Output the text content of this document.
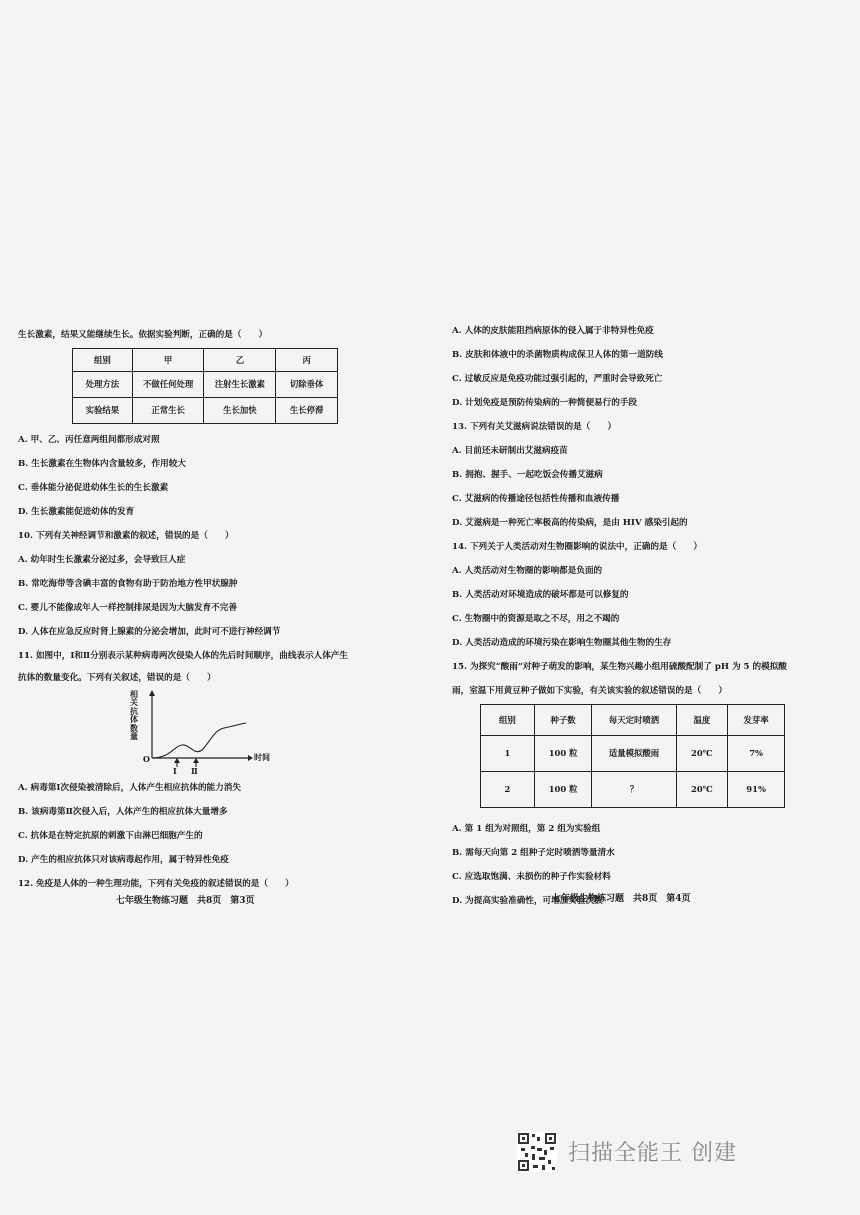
生长激素，结果又能继续生长。依据实验判断，正确的是（　　）
组别	甲	乙	丙
处理方法	不做任何处理	注射生长激素	切除垂体
实验结果	正常生长	生长加快	生长停滞
A. 甲、乙、丙任意两组间都形成对照
B. 生长激素在生物体内含量较多，作用较大
C. 垂体能分泌促进幼体生长的生长激素
D. 生长激素能促进幼体的发育
10. 下列有关神经调节和激素的叙述，错误的是（　　）
A. 幼年时生长激素分泌过多，会导致巨人症
B. 常吃海带等含碘丰富的食物有助于防治地方性甲状腺肿
C. 婴儿不能像成年人一样控制排尿是因为大脑发育不完善
D. 人体在应急反应时肾上腺素的分泌会增加，此时可不进行神经调节
11. 如图中，Ⅰ和Ⅱ分别表示某种病毒两次侵染人体的先后时间顺序，曲线表示人体产生
抗体的数量变化。下列有关叙述，错误的是（　　）
相
关
抗
体
数
量
O	时间
Ⅰ Ⅱ
A. 病毒第Ⅰ次侵染被清除后，人体产生相应抗体的能力消失
B. 该病毒第Ⅱ次侵入后，人体产生的相应抗体大量增多
C. 抗体是在特定抗原的刺激下由淋巴细胞产生的
D. 产生的相应抗体只对该病毒起作用，属于特异性免疫
12. 免疫是人体的一种生理功能，下列有关免疫的叙述错误的是（　　）
七年级生物练习题　共8页　第3页
A. 人体的皮肤能阻挡病原体的侵入属于非特异性免疫
B. 皮肤和体液中的杀菌物质构成保卫人体的第一道防线
C. 过敏反应是免疫功能过强引起的，严重时会导致死亡
D. 计划免疫是预防传染病的一种简便易行的手段
13. 下列有关艾滋病说法错误的是（　　）
A. 目前还未研制出艾滋病疫苗
B. 拥抱、握手、一起吃饭会传播艾滋病
C. 艾滋病的传播途径包括性传播和血液传播
D. 艾滋病是一种死亡率极高的传染病，是由 HIV 感染引起的
14. 下列关于人类活动对生物圈影响的说法中，正确的是（　　）
A. 人类活动对生物圈的影响都是负面的
B. 人类活动对环境造成的破坏都是可以修复的
C. 生物圈中的资源是取之不尽，用之不竭的
D. 人类活动造成的环境污染在影响生物圈其他生物的生存
15. 为探究“酸雨”对种子萌发的影响，某生物兴趣小组用硫酸配制了 pH 为 5 的模拟酸
雨，室温下用黄豆种子做如下实验，有关该实验的叙述错误的是（　　）
组别	种子数	每天定时喷洒	温度	发芽率
1	100 粒	适量模拟酸雨	20℃	7%
2	100 粒	？	20℃	91%
A. 第 1 组为对照组，第 2 组为实验组
B. 需每天向第 2 组种子定时喷洒等量清水
C. 应选取饱满、未损伤的种子作实验材料
D. 为提高实验准确性，可增加实验次数
七年级生物练习题　共8页　第4页
扫描全能王 创建
